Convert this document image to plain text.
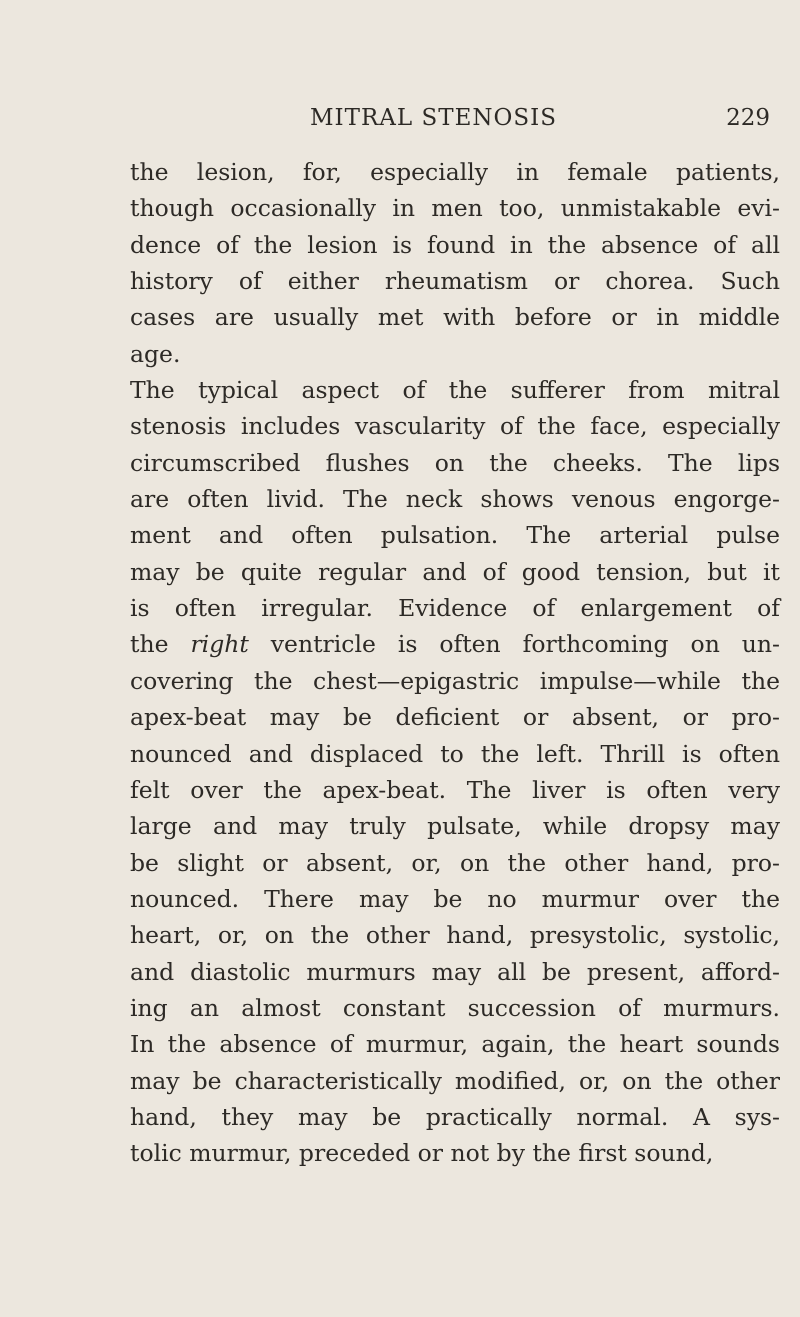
MITRAL STENOSIS	229
the lesion, for, especially in female patients,
though occasionally in men too, unmistakable evi-
dence of the lesion is found in the absence of all
history of either rheumatism or chorea. Such
cases are usually met with before or in middle
age.
The typical aspect of the sufferer from mitral
stenosis includes vascularity of the face, especially
circumscribed flushes on the cheeks. The lips
are often livid. The neck shows venous engorge-
ment and often pulsation. The arterial pulse
may be quite regular and of good tension, but it
is often irregular. Evidence of enlargement of
the right ventricle is often forthcoming on un-
covering the chest—epigastric impulse—while the
apex-beat may be deficient or absent, or pro-
nounced and displaced to the left. Thrill is often
felt over the apex-beat. The liver is often very
large and may truly pulsate, while dropsy may
be slight or absent, or, on the other hand, pro-
nounced. There may be no murmur over the
heart, or, on the other hand, presystolic, systolic,
and diastolic murmurs may all be present, afford-
ing an almost constant succession of murmurs.
In the absence of murmur, again, the heart sounds
may be characteristically modified, or, on the other
hand, they may be practically normal. A sys-
tolic murmur, preceded or not by the first sound,
